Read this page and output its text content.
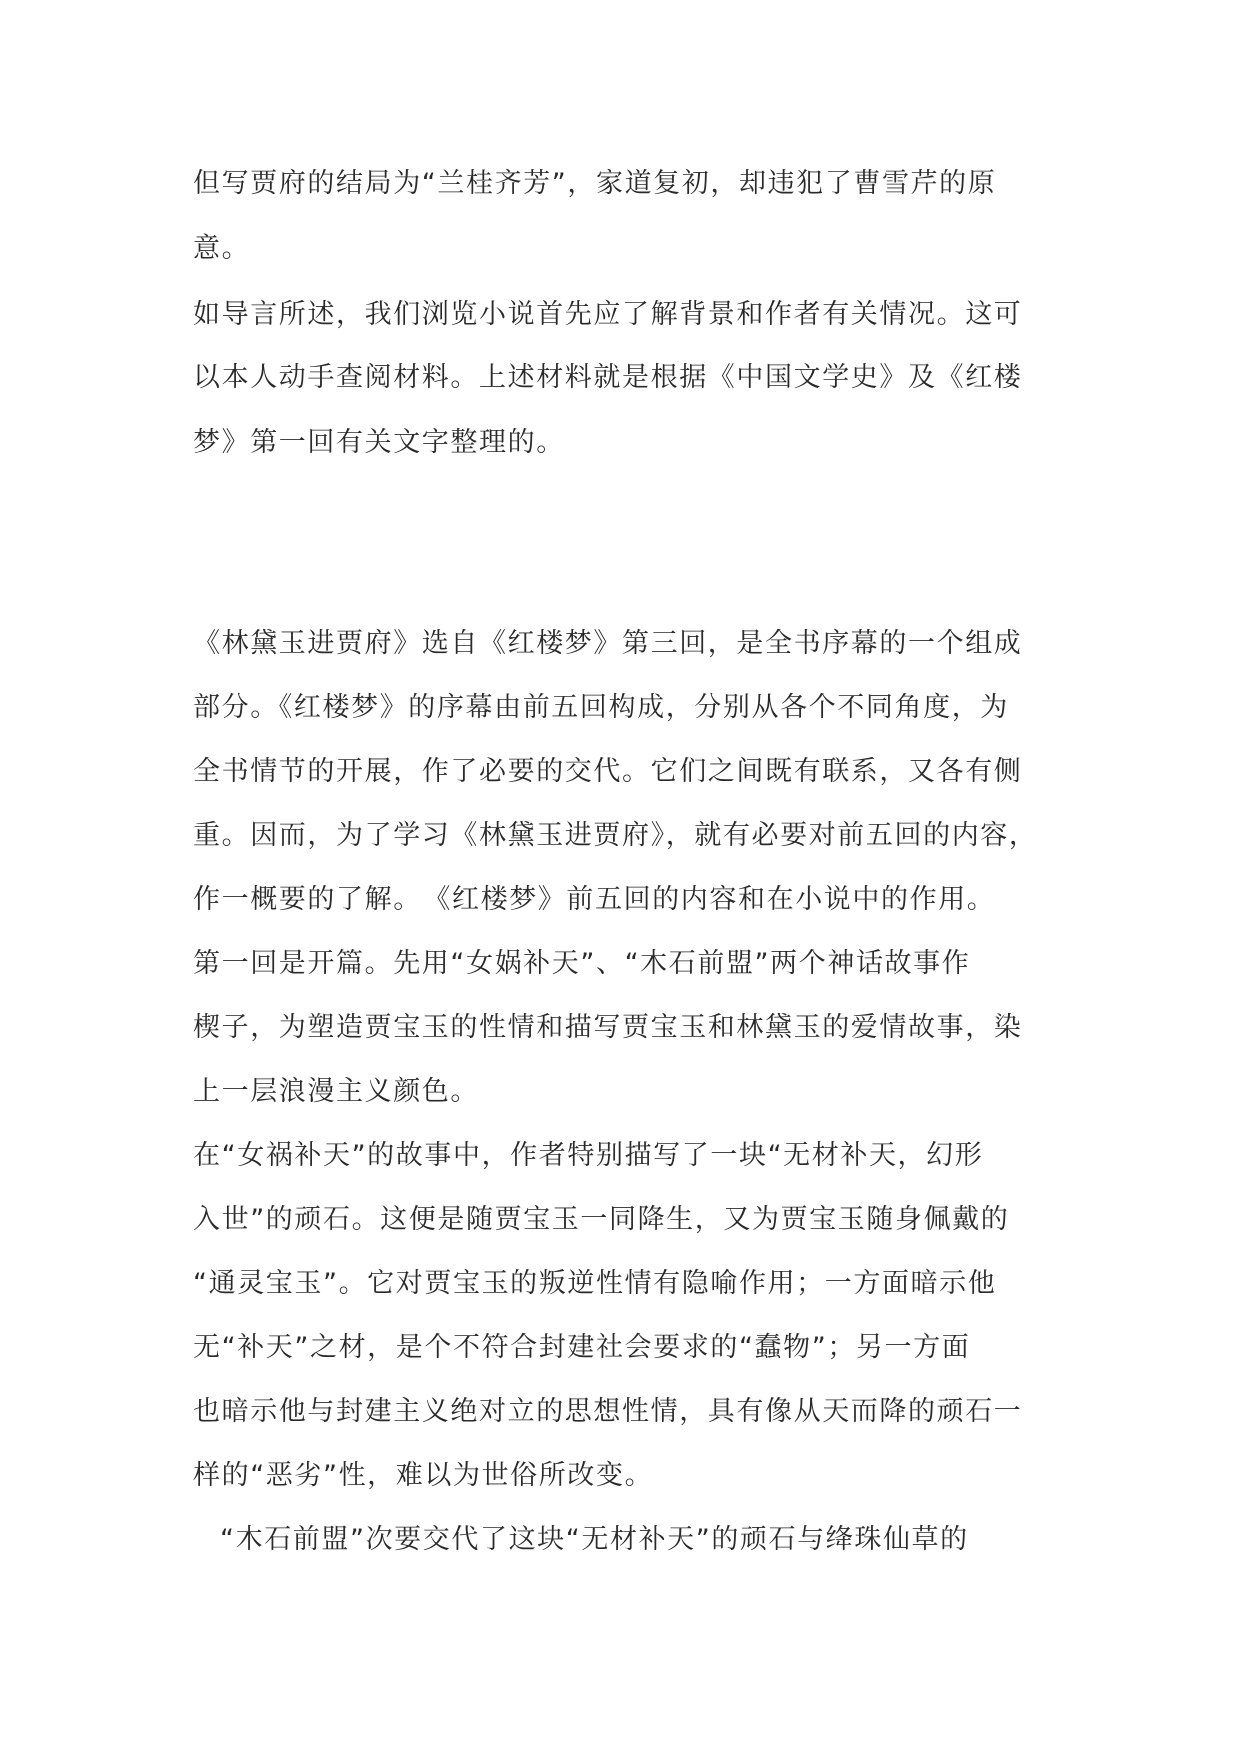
但写贾府的结局为“兰桂齐芳”，家道复初，却违犯了曹雪芹的原

意。

如导言所述，我们浏览小说首先应了解背景和作者有关情况。这可

以本人动手查阅材料。上述材料就是根据《中国文学史》及《红楼

梦》第一回有关文字整理的。

《林黛玉进贾府》选自《红楼梦》第三回，是全书序幕的一个组成

部分。《红楼梦》的序幕由前五回构成，分别从各个不同角度，为

全书情节的开展，作了必要的交代。它们之间既有联系，又各有侧

重。因而，为了学习《林黛玉进贾府》，就有必要对前五回的内容，

作一概要的了解。　《红楼梦》前五回的内容和在小说中的作用。

第一回是开篇。先用“女娲补天”、“木石前盟”两个神话故事作

楔子，为塑造贾宝玉的性情和描写贾宝玉和林黛玉的爱情故事，染

上一层浪漫主义颜色。

在“女祸补天”的故事中，作者特别描写了一块“无材补天，幻形

入世”的顽石。这便是随贾宝玉一同降生，又为贾宝玉随身佩戴的

“通灵宝玉”。它对贾宝玉的叛逆性情有隐喻作用；一方面暗示他

无“补天”之材，是个不符合封建社会要求的“蠢物”；另一方面

也暗示他与封建主义绝对立的思想性情，具有像从天而降的顽石一

样的“恶劣”性，难以为世俗所改变。

“木石前盟”次要交代了这块“无材补天”的顽石与绛珠仙草的
